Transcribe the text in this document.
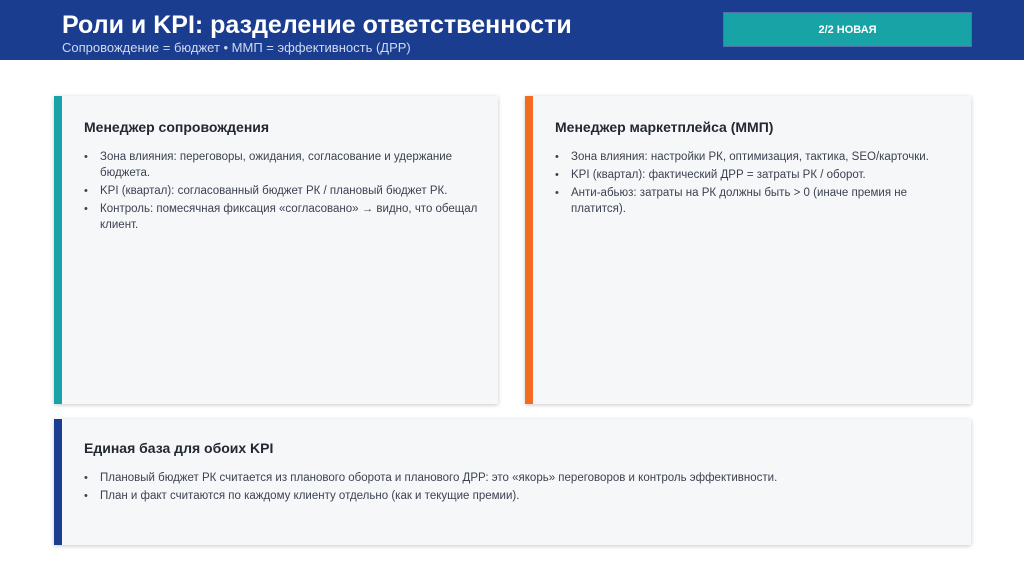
Роли и KPI: разделение ответственности
Сопровождение = бюджет • ММП = эффективность (ДРР)
2/2 НОВАЯ
Менеджер сопровождения
•	Зона влияния: переговоры, ожидания, согласование и удержание бюджета.
•	KPI (квартал): согласованный бюджет РК / плановый бюджет РК.
•	Контроль: помесячная фиксация «согласовано» → видно, что обещал клиент.
Менеджер маркетплейса (ММП)
•	Зона влияния: настройки РК, оптимизация, тактика, SEO/карточки.
•	KPI (квартал): фактический ДРР = затраты РК / оборот.
•	Анти-абьюз: затраты на РК должны быть > 0 (иначе премия не платится).
Единая база для обоих KPI
•	Плановый бюджет РК считается из планового оборота и планового ДРР: это «якорь» переговоров и контроль эффективности.
•	План и факт считаются по каждому клиенту отдельно (как и текущие премии).
